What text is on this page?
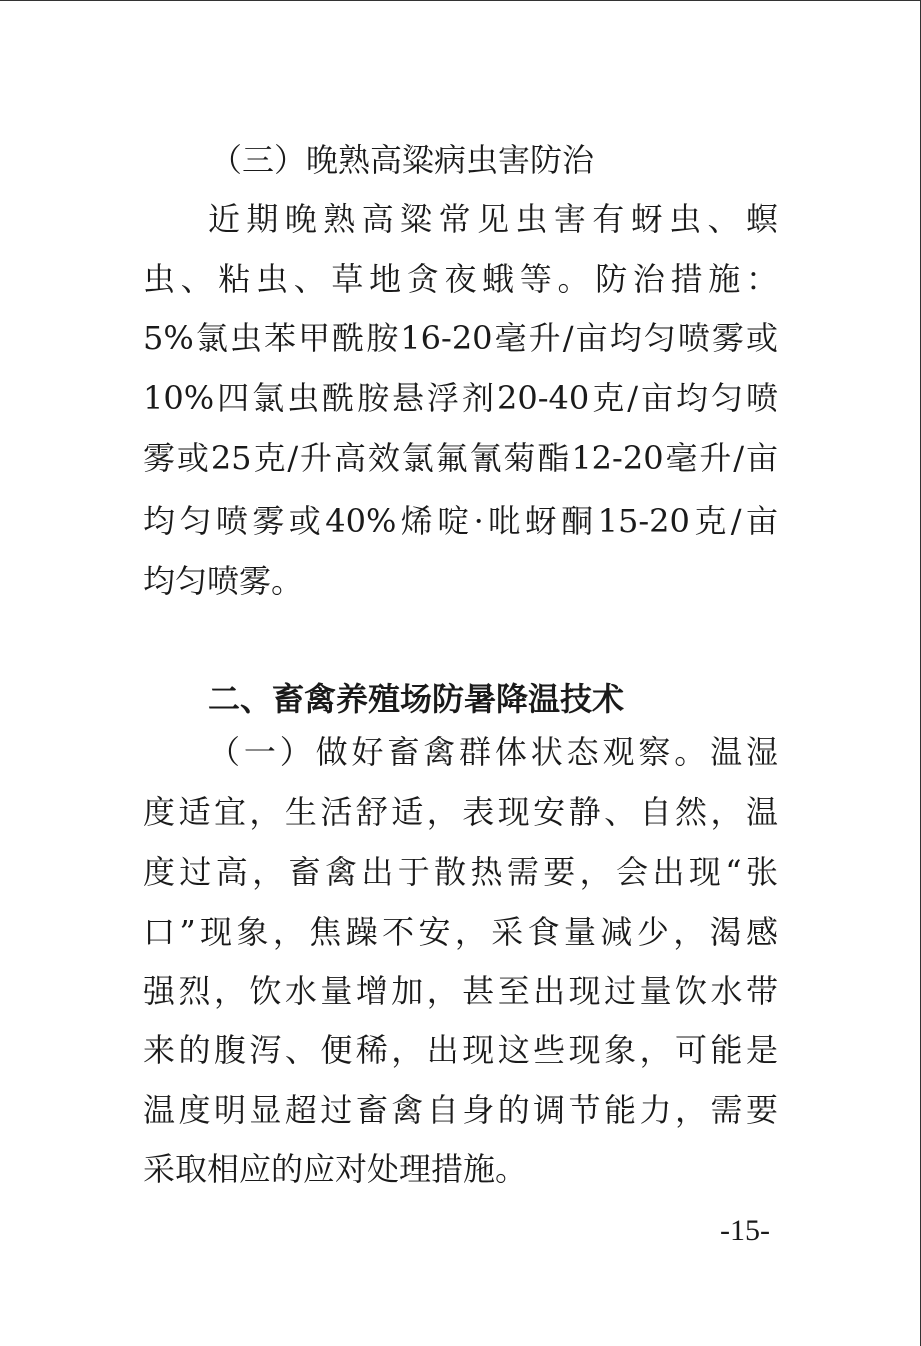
（三）晚熟高粱病虫害防治
近期晚熟高粱常见虫害有蚜虫、螟
虫、粘虫、草地贪夜蛾等。防治措施：
5%氯虫苯甲酰胺16-20毫升/亩均匀喷雾或
10%四氯虫酰胺悬浮剂20-40克/亩均匀喷
雾或25克/升高效氯氟氰菊酯12-20毫升/亩
均匀喷雾或40%烯啶·吡蚜酮15-20克/亩
均匀喷雾。
二、畜禽养殖场防暑降温技术
（一）做好畜禽群体状态观察。温湿
度适宜，生活舒适，表现安静、自然，温
度过高，畜禽出于散热需要，会出现“张
口”现象，焦躁不安，采食量减少，渴感
强烈，饮水量增加，甚至出现过量饮水带
来的腹泻、便稀，出现这些现象，可能是
温度明显超过畜禽自身的调节能力，需要
采取相应的应对处理措施。
-15-
